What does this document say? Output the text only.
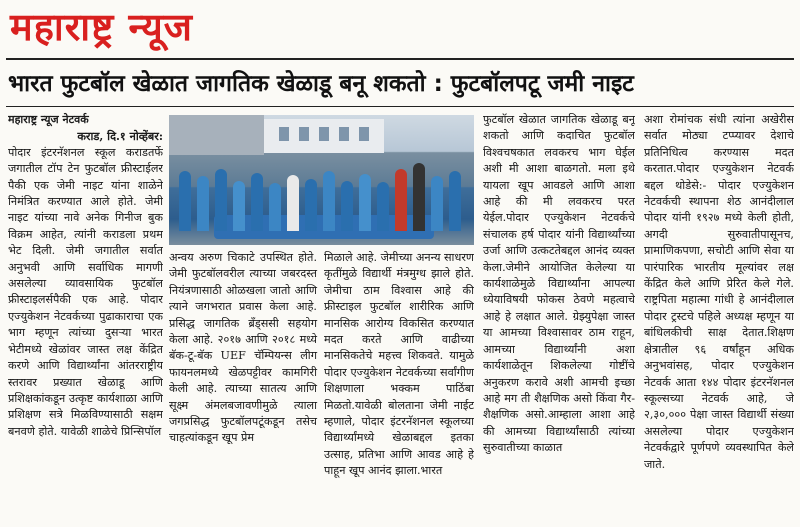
महाराष्ट्र न्यूज
भारत फुटबॉल खेळात जागतिक खेळाडू बनू शकतो : फुटबॉलपटू जमी नाइट
महाराष्ट्र न्यूज नेटवर्क
कराड, दि.१ नोव्हेंबर:

पोदार इंटरनॅशनल स्कूल कराडतर्फे जगातील टॉप टेन फुटबॉल फ्रीस्टाईलर पैकी एक जेमी नाइट यांना शाळेने निमंत्रित करण्यात आले होते. जेमी नाइट यांच्या नावे अनेक गिनीज बुक विक्रम आहेत, त्यांनी कराडला प्रथम भेट दिली. जेमी जगातील सर्वात अनुभवी आणि सर्वाधिक मागणी असलेल्या व्यावसायिक फुटबॉल फ्रीस्टाइलर्सपैकी एक आहे. पोदार एज्युकेशन नेटवर्कच्या पुढाकाराचा एक भाग म्हणून त्यांच्या दुसऱ्या भारत भेटीमध्ये खेळांवर जास्त लक्ष केंद्रित करणे आणि विद्यार्थ्यांना आंतरराष्ट्रीय स्तरावर प्रख्यात खेळाडू आणि प्रशिक्षकांकडून उत्कृष्ट कार्यशाळा आणि प्रशिक्षण सत्रे मिळविण्यासाठी सक्षम बनवणे होते. यावेळी शाळेचे प्रिन्सिपॉल

अन्वय अरुण चिकाटे उपस्थित होते. जेमी फुटबॉलवरील त्याच्या जबरदस्त नियंत्रणासाठी ओळखला जातो आणि त्याने जगभरात प्रवास केला आहे. प्रसिद्ध जागतिक ब्रँड्ससी सहयोग केला आहे. २०१७ आणि २०१८ मध्ये बॅक-टू-बॅक UEF चॅम्पियन्स लीग फायनलमध्ये खेळपट्टीवर कामगिरी केली आहे. त्याच्या सातत्य आणि सूक्ष्म अंमलबजावणीमुळे त्याला जगप्रसिद्ध फुटबॉलपटूंकडून तसेच चाहत्यांकडून खूप प्रेम

मिळाले आहे. जेमीच्या अनन्य साधरण कृतींमुळे विद्यार्थी मंत्रमुग्ध झाले होते. जेमीचा ठाम विश्वास आहे की फ्रीस्टाइल फुटबॉल शारीरिक आणि मानसिक आरोग्य विकसित करण्यात मदत करते आणि वाढीच्या मानसिकतेचे महत्त्व शिकवते. यामुळे पोदार एज्युकेशन नेटवर्कच्या सर्वांगीण शिक्षणाला भक्कम पाठिंबा मिळतो.यावेळी बोलताना जेमी नाईट म्हणाले, पोदार इंटरनॅशनल स्कूलच्या विद्यार्थ्यांमध्ये खेळाबद्दल इतका उत्साह, प्रतिभा आणि आवड आहे हे पाहून खूप आनंद झाला.भारत

फुटबॉल खेळात जागतिक खेळाडू बनू शकतो आणि कदाचित फुटबॉल विश्वचषकात लवकरच भाग घेईल अशी मी आशा बाळगतो. मला इथे यायला खूप आवडले आणि आशा आहे की मी लवकरच परत येईल.पोदार एज्युकेशन नेटवर्कचे संचालक हर्ष पोदार यांनी विद्यार्थ्यांच्या उर्जा आणि उत्कटतेबद्दल आनंद व्यक्त केला.जेमीने आयोजित केलेल्या या कार्यशाळेमुळे विद्यार्थ्यांना आपल्या ध्येयाविषयी फोकस ठेवणे महत्वाचे आहे हे लक्षात आले. ग्रेझ्युपेक्षा जास्त या आमच्या विश्वासावर ठाम राहून, आमच्या विद्यार्थ्यांनी अशा कार्यशाळेतून शिकलेल्या गोष्टींचे अनुकरण करावे अशी आमची इच्छा आहे मग ती शैक्षणिक असो किंवा गैर-शैक्षणिक असो.आम्हाला आशा आहे की आमच्या विद्यार्थ्यांसाठी त्यांच्या सुरुवातीच्या काळात

अशा रोमांचक संधी त्यांना अखेरीस सर्वात मोठ्या टप्प्यावर देशाचे प्रतिनिधित्व करण्यास मदत करतात.पोदार एज्युकेशन नेटवर्क बद्दल थोडेसे:- पोदार एज्युकेशन नेटवर्कची स्थापना शेठ आनंदीलाल पोदार यांनी १९२७ मध्ये केली होती, अगदी सुरुवातीपासूनच, प्रामाणिकपणा, सचोटी आणि सेवा या पारंपारिक भारतीय मूल्यांवर लक्ष केंद्रित केले आणि प्रेरित केले गेले. राष्ट्रपिता महात्मा गांधी हे आनंदीलाल पोदार ट्रस्टचे पहिले अध्यक्ष म्हणून या बांधिलकीची साक्ष देतात.शिक्षण क्षेत्रातील ९६ वर्षांहून अधिक अनुभवांसह, पोदार एज्युकेशन नेटवर्क आता १४४ पोदार इंटरनॅशनल स्कूल्सच्या नेटवर्क आहे, जे २,३०,००० पेक्षा जास्त विद्यार्थी संख्या असलेल्या पोदार एज्युकेशन नेटवर्कद्वारे पूर्णपणे व्यवस्थापित केले जाते.
